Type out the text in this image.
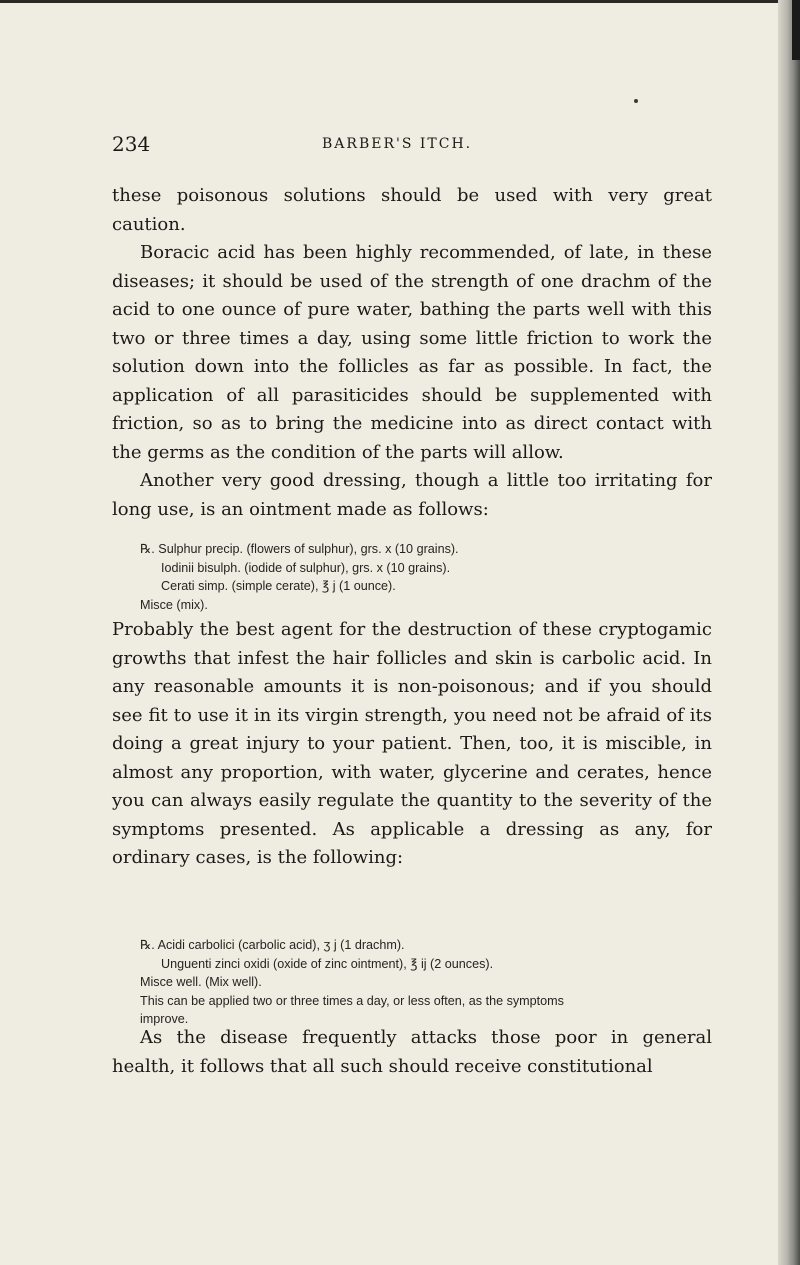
234	BARBER'S ITCH.

these poisonous solutions should be used with very great caution.

Boracic acid has been highly recommended, of late, in these diseases; it should be used of the strength of one drachm of the acid to one ounce of pure water, bathing the parts well with this two or three times a day, using some little friction to work the solution down into the follicles as far as possible. In fact, the application of all parasiticides should be supplemented with friction, so as to bring the medicine into as direct contact with the germs as the condition of the parts will allow.

Another very good dressing, though a little too irritating for long use, is an ointment made as follows:

℞. Sulphur precip. (flowers of sulphur), grs. x (10 grains).
Iodinii bisulph. (iodide of sulphur), grs. x (10 grains).
Cerati simp. (simple cerate), ℥ j (1 ounce).
Misce (mix).

Probably the best agent for the destruction of these cryptogamic growths that infest the hair follicles and skin is carbolic acid. In any reasonable amounts it is non-poisonous; and if you should see fit to use it in its virgin strength, you need not be afraid of its doing a great injury to your patient. Then, too, it is miscible, in almost any proportion, with water, glycerine and cerates, hence you can always easily regulate the quantity to the severity of the symptoms presented. As applicable a dressing as any, for ordinary cases, is the following:

℞. Acidi carbolici (carbolic acid), ʒ j (1 drachm).
Unguenti zinci oxidi (oxide of zinc ointment), ℥ ij (2 ounces).
Misce well. (Mix well).
This can be applied two or three times a day, or less often, as the symptoms
improve.

As the disease frequently attacks those poor in general health, it follows that all such should receive constitutional
